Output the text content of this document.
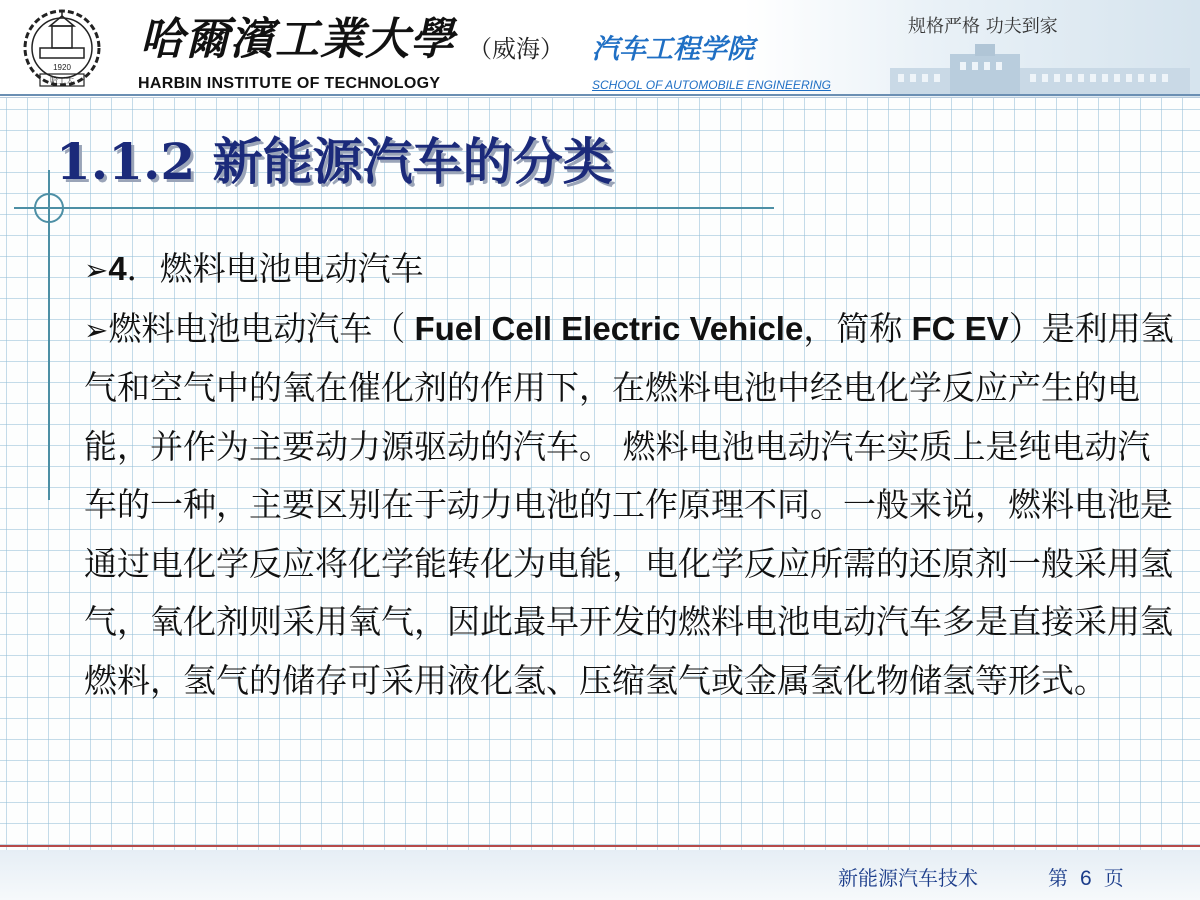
1920
哈工大
哈爾濱工業大學 （威海） 汽车工程学院
HARBIN INSTITUTE OF TECHNOLOGY	SCHOOL OF AUTOMOBILE ENGINEERING
规格严格 功夫到家
1.1.2 新能源汽车的分类
➢4．燃料电池电动汽车
➢燃料电池电动汽车（ Fuel Cell Electric Vehicle，简称 FC EV）是利用氢气和空气中的氧在催化剂的作用下，在燃料电池中经电化学反应产生的电能，并作为主要动力源驱动的汽车。 燃料电池电动汽车实质上是纯电动汽车的一种，主要区别在于动力电池的工作原理不同。一般来说，燃料电池是通过电化学反应将化学能转化为电能，电化学反应所需的还原剂一般采用氢气，氧化剂则采用氧气，因此最早开发的燃料电池电动汽车多是直接采用氢燃料，氢气的储存可采用液化氢、压缩氢气或金属氢化物储氢等形式。
新能源汽车技术	第 6 页
